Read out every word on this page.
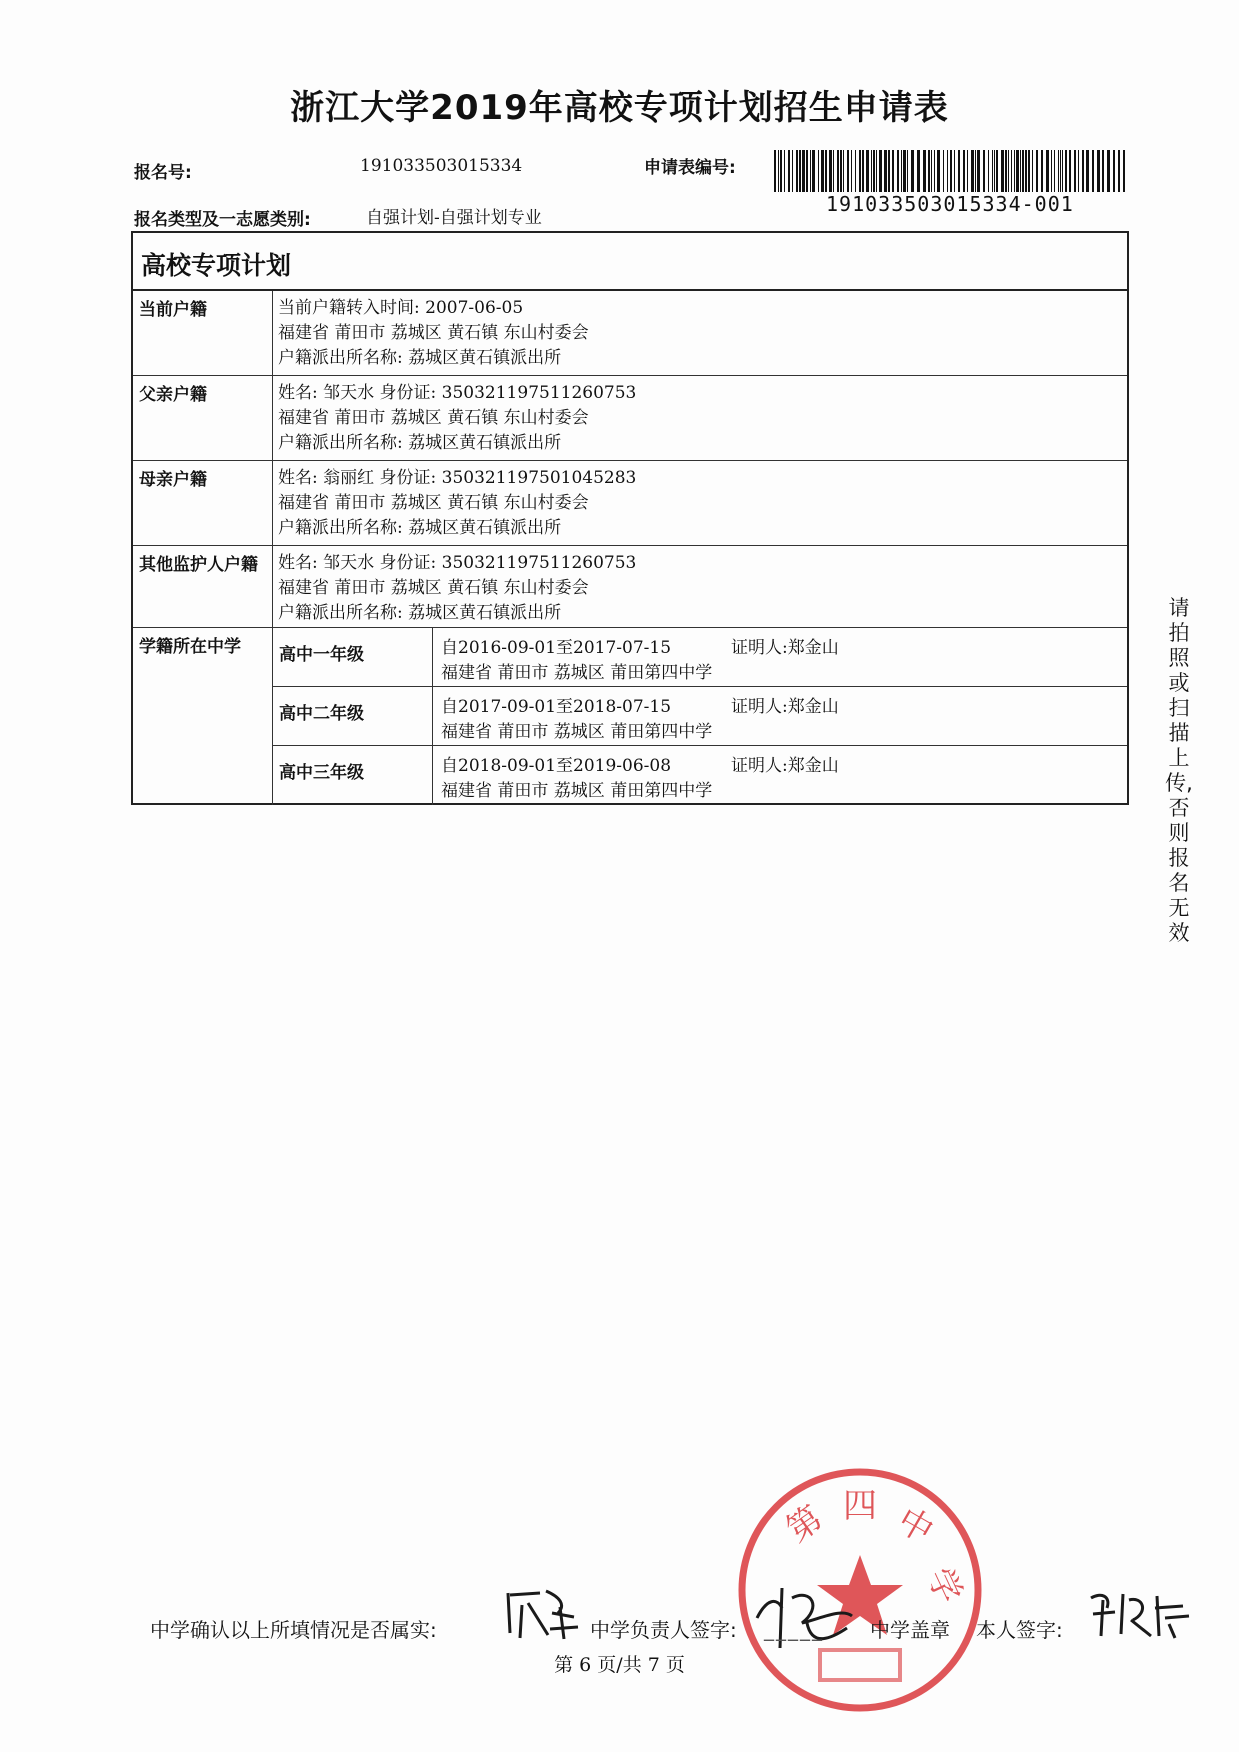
浙江大学2019年高校专项计划招生申请表
报名号:	191033503015334	申请表编号:
191033503015334-001
报名类型及一志愿类别:	自强计划-自强计划专业
高校专项计划
当前户籍	当前户籍转入时间: 2007-06-05
福建省 莆田市 荔城区 黄石镇 东山村委会
户籍派出所名称: 荔城区黄石镇派出所
父亲户籍	姓名: 邹天水 身份证: 350321197511260753
福建省 莆田市 荔城区 黄石镇 东山村委会
户籍派出所名称: 荔城区黄石镇派出所
母亲户籍	姓名: 翁丽红 身份证: 350321197501045283
福建省 莆田市 荔城区 黄石镇 东山村委会
户籍派出所名称: 荔城区黄石镇派出所
其他监护人户籍	姓名: 邹天水 身份证: 350321197511260753
福建省 莆田市 荔城区 黄石镇 东山村委会
户籍派出所名称: 荔城区黄石镇派出所
学籍所在中学	高中一年级	自2016-09-01至2017-07-15	证明人:郑金山
福建省 莆田市 荔城区 莆田第四中学
高中二年级	自2017-09-01至2018-07-15	证明人:郑金山
福建省 莆田市 荔城区 莆田第四中学
高中三年级	自2018-09-01至2019-06-08	证明人:郑金山
福建省 莆田市 荔城区 莆田第四中学
请拍照或扫描上传,否则报名无效
第 四 中
学
中学确认以上所填情况是否属实:	中学负责人签字:	中学盖章 本人签字:
_____
第 6 页/共 7 页
